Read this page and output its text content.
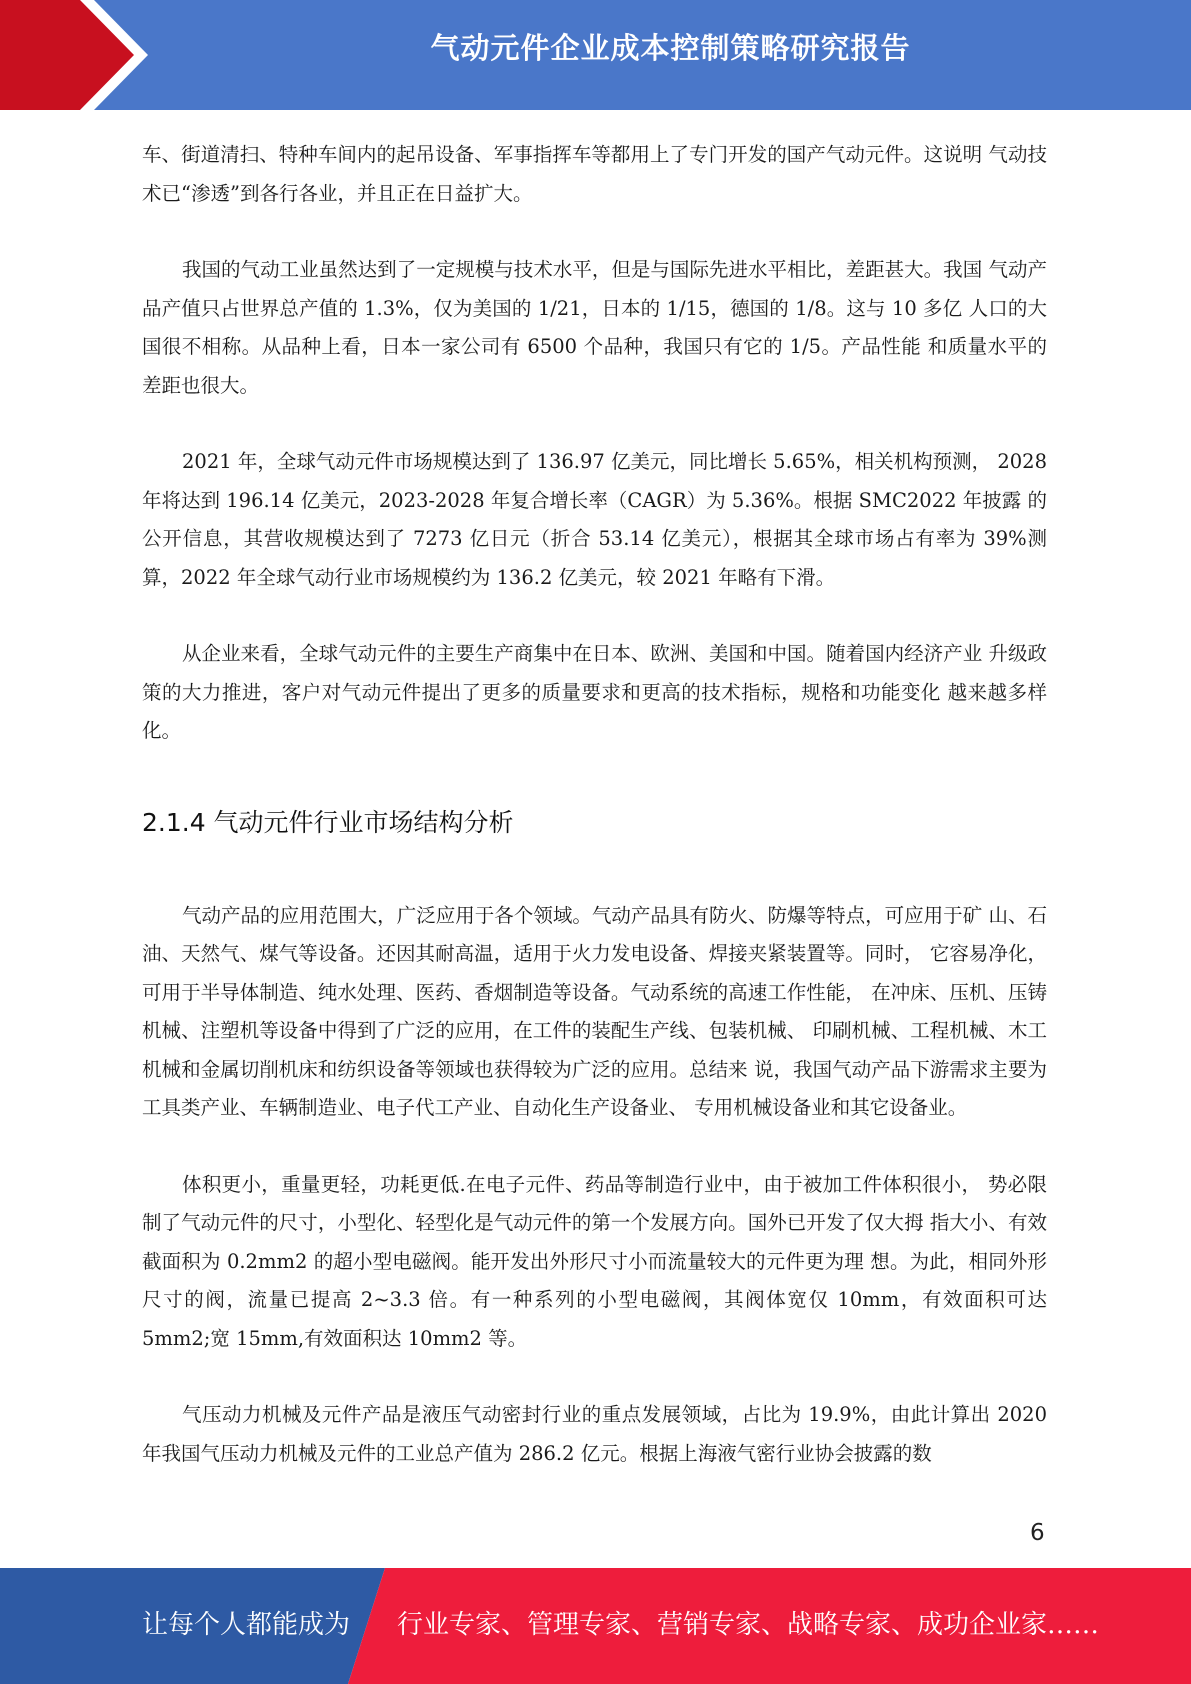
气动元件企业成本控制策略研究报告

车、街道清扫、特种车间内的起吊设备、军事指挥车等都用上了专门开发的国产气动元件。这说明 气动技术已“渗透”到各行各业，并且正在日益扩大。

我国的气动工业虽然达到了一定规模与技术水平，但是与国际先进水平相比，差距甚大。我国 气动产品产值只占世界总产值的 1.3%，仅为美国的 1/21，日本的 1/15，德国的 1/8。这与 10 多亿 人口的大国很不相称。从品种上看，日本一家公司有 6500 个品种，我国只有它的 1/5。产品性能 和质量水平的差距也很大。

2021 年，全球气动元件市场规模达到了 136.97 亿美元，同比增长 5.65%，相关机构预测， 2028 年将达到 196.14 亿美元，2023-2028 年复合增长率（CAGR）为 5.36%。根据 SMC2022 年披露 的公开信息，其营收规模达到了 7273 亿日元（折合 53.14 亿美元），根据其全球市场占有率为 39%测算，2022 年全球气动行业市场规模约为 136.2 亿美元，较 2021 年略有下滑。

从企业来看，全球气动元件的主要生产商集中在日本、欧洲、美国和中国。随着国内经济产业 升级政策的大力推进，客户对气动元件提出了更多的质量要求和更高的技术指标，规格和功能变化 越来越多样化。

2.1.4 气动元件行业市场结构分析

气动产品的应用范围大，广泛应用于各个领域。气动产品具有防火、防爆等特点，可应用于矿 山、石油、天然气、煤气等设备。还因其耐高温，适用于火力发电设备、焊接夹紧装置等。同时， 它容易净化，可用于半导体制造、纯水处理、医药、香烟制造等设备。气动系统的高速工作性能， 在冲床、压机、压铸机械、注塑机等设备中得到了广泛的应用，在工件的装配生产线、包装机械、 印刷机械、工程机械、木工机械和金属切削机床和纺织设备等领域也获得较为广泛的应用。总结来 说，我国气动产品下游需求主要为工具类产业、车辆制造业、电子代工产业、自动化生产设备业、 专用机械设备业和其它设备业。

体积更小，重量更轻，功耗更低.在电子元件、药品等制造行业中，由于被加工件体积很小， 势必限制了气动元件的尺寸，小型化、轻型化是气动元件的第一个发展方向。国外已开发了仅大拇 指大小、有效截面积为 0.2mm2 的超小型电磁阀。能开发出外形尺寸小而流量较大的元件更为理 想。为此，相同外形尺寸的阀，流量已提高 2~3.3 倍。有一种系列的小型电磁阀，其阀体宽仅 10mm，有效面积可达 5mm2;宽 15mm,有效面积达 10mm2 等。

气压动力机械及元件产品是液压气动密封行业的重点发展领域，占比为 19.9%，由此计算出 2020 年我国气压动力机械及元件的工业总产值为 286.2 亿元。根据上海液气密行业协会披露的数

6
让每个人都能成为 行业专家、管理专家、营销专家、战略专家、成功企业家……
